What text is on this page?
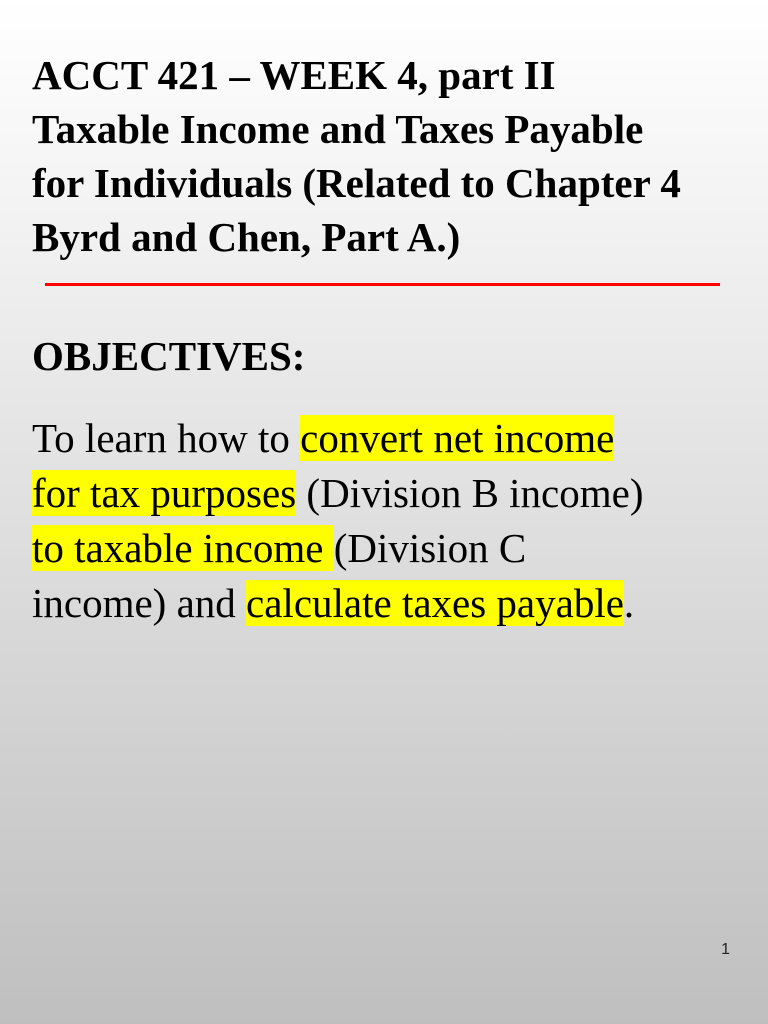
ACCT 421 – WEEK 4, part II
Taxable Income and Taxes Payable
for Individuals (Related to Chapter 4
Byrd and Chen, Part A.)
OBJECTIVES:

To learn how to convert net income
for tax purposes (Division B income)
to taxable income (Division C
income) and calculate taxes payable.

1
